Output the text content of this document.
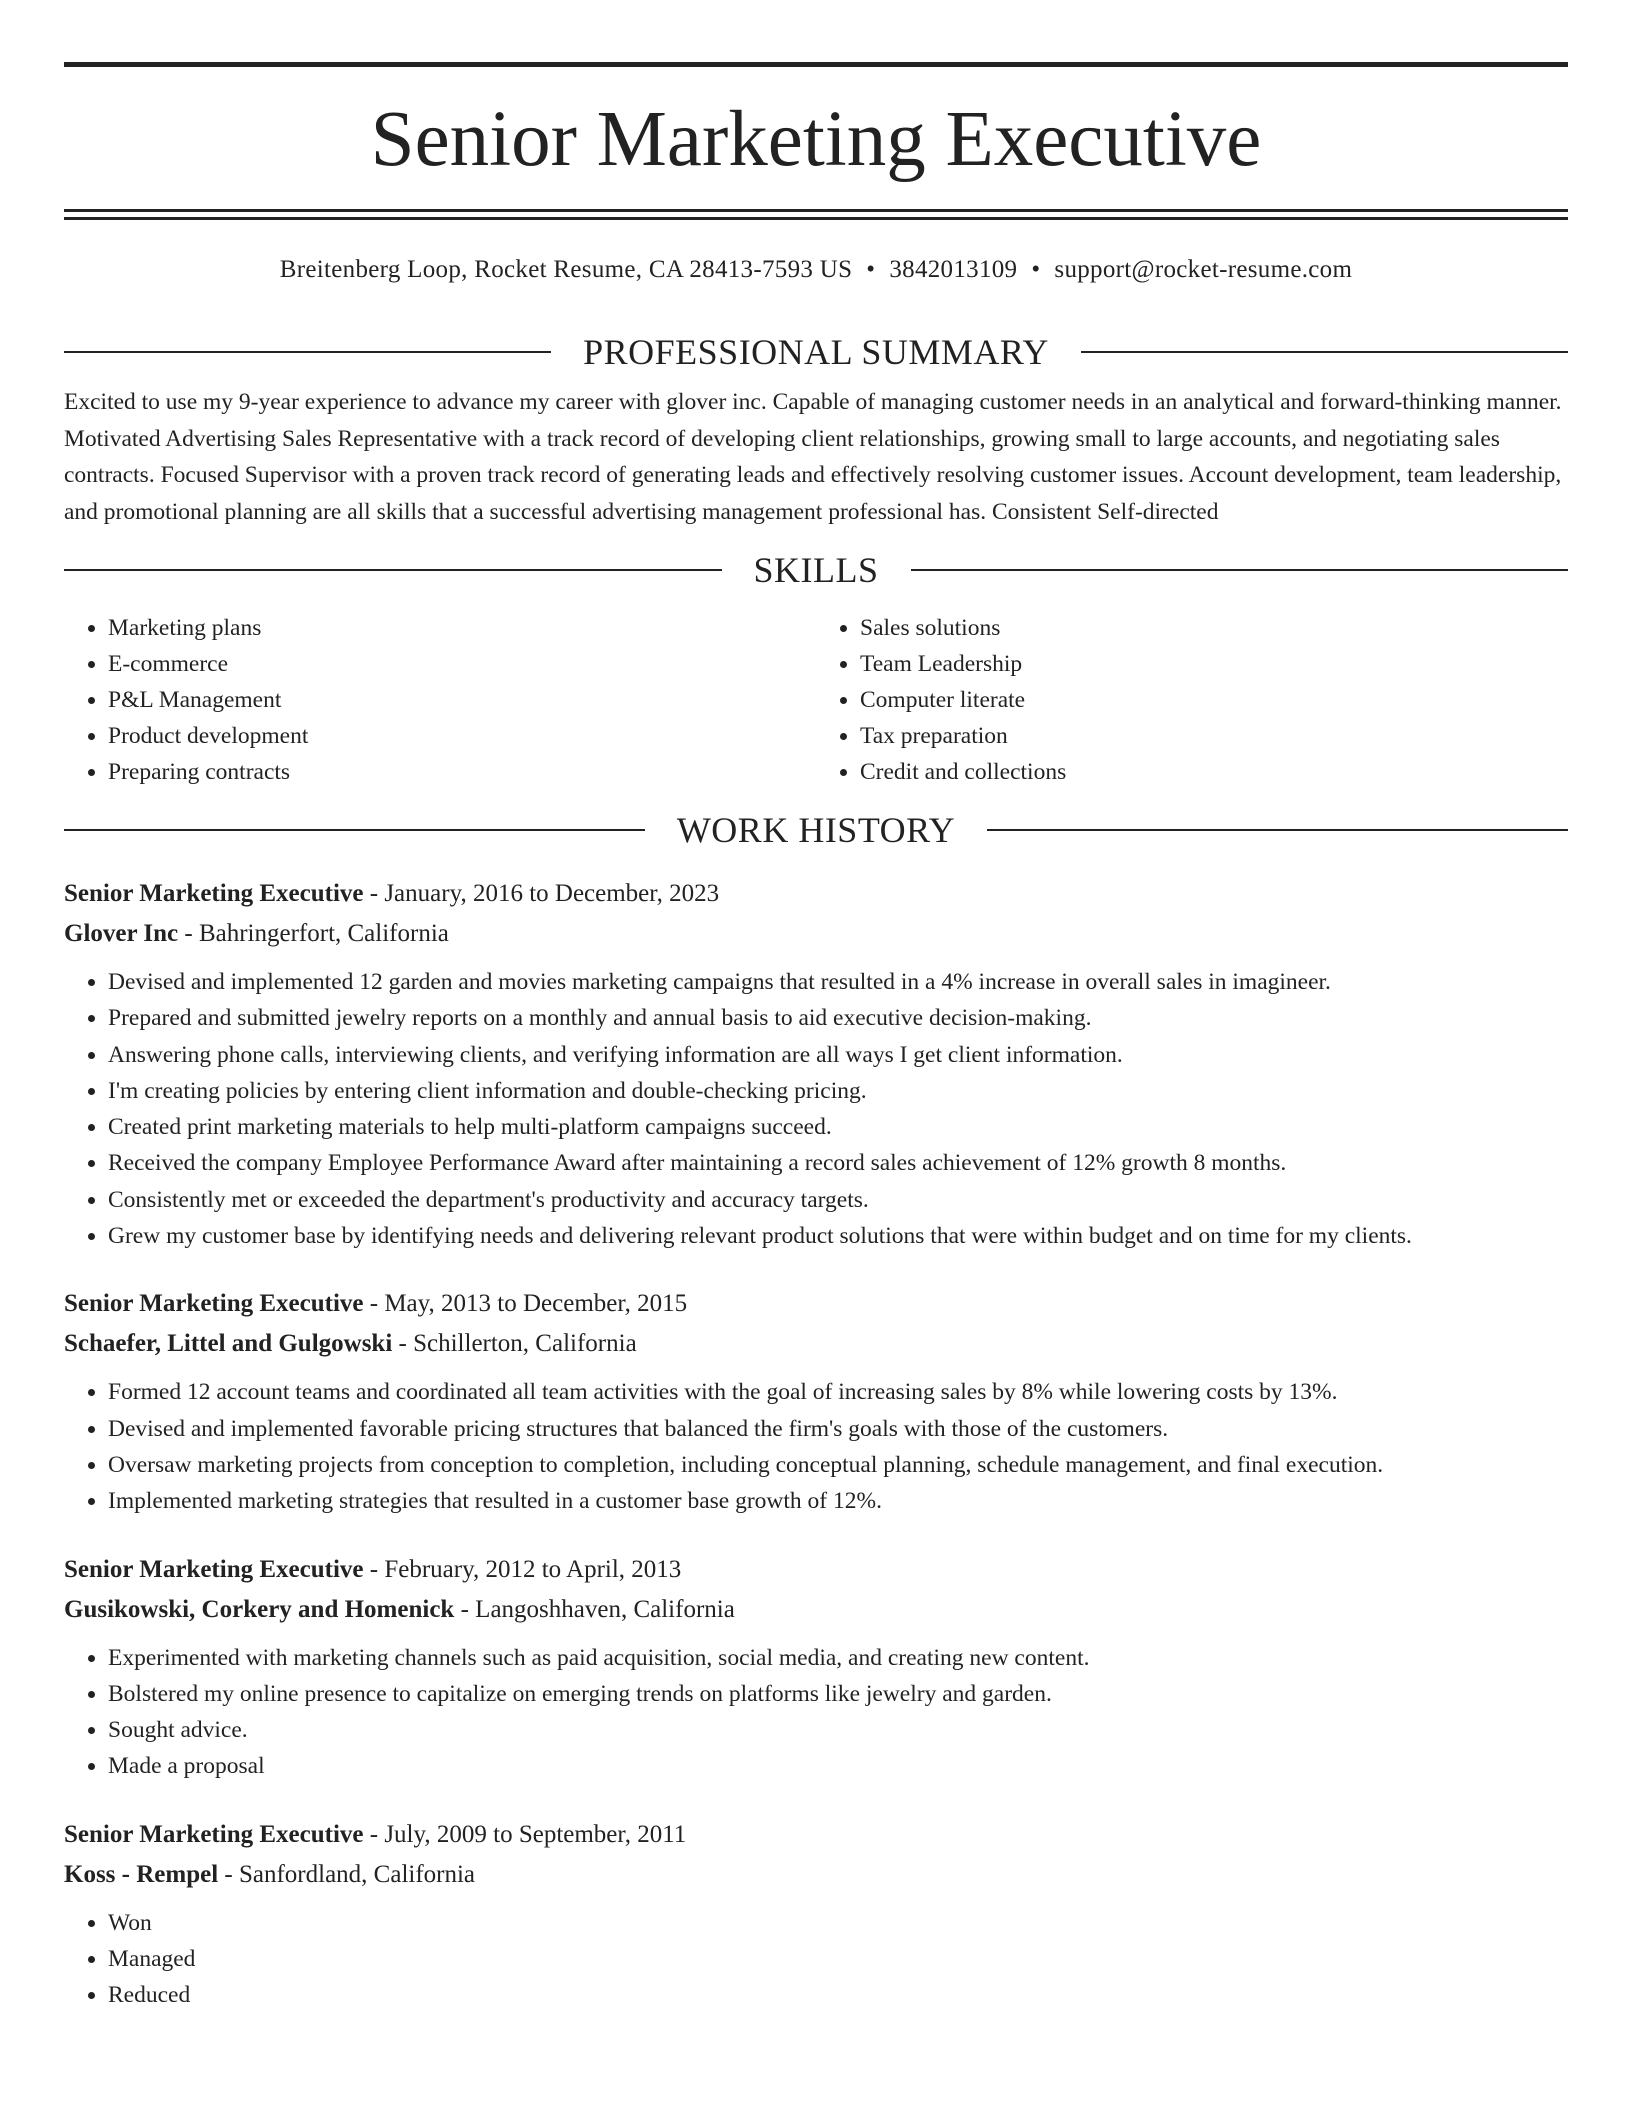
Senior Marketing Executive
Breitenberg Loop, Rocket Resume, CA 28413-7593 US • 3842013109 • support@rocket-resume.com
PROFESSIONAL SUMMARY

Excited to use my 9-year experience to advance my career with glover inc. Capable of managing customer needs in an analytical and forward-thinking manner. Motivated Advertising Sales Representative with a track record of developing client relationships, growing small to large accounts, and negotiating sales contracts. Focused Supervisor with a proven track record of generating leads and effectively resolving customer issues. Account development, team leadership, and promotional planning are all skills that a successful advertising management professional has. Consistent Self-directed

SKILLS
• Marketing plans
• E-commerce
• P&L Management
• Product development
• Preparing contracts
• Sales solutions
• Team Leadership
• Computer literate
• Tax preparation
• Credit and collections
WORK HISTORY
Senior Marketing Executive - January, 2016 to December, 2023
Glover Inc - Bahringerfort, California
• Devised and implemented 12 garden and movies marketing campaigns that resulted in a 4% increase in overall sales in imagineer.
• Prepared and submitted jewelry reports on a monthly and annual basis to aid executive decision-making.
• Answering phone calls, interviewing clients, and verifying information are all ways I get client information.
• I'm creating policies by entering client information and double-checking pricing.
• Created print marketing materials to help multi-platform campaigns succeed.
• Received the company Employee Performance Award after maintaining a record sales achievement of 12% growth 8 months.
• Consistently met or exceeded the department's productivity and accuracy targets.
• Grew my customer base by identifying needs and delivering relevant product solutions that were within budget and on time for my clients.
Senior Marketing Executive - May, 2013 to December, 2015
Schaefer, Littel and Gulgowski - Schillerton, California
• Formed 12 account teams and coordinated all team activities with the goal of increasing sales by 8% while lowering costs by 13%.
• Devised and implemented favorable pricing structures that balanced the firm's goals with those of the customers.
• Oversaw marketing projects from conception to completion, including conceptual planning, schedule management, and final execution.
• Implemented marketing strategies that resulted in a customer base growth of 12%.
Senior Marketing Executive - February, 2012 to April, 2013
Gusikowski, Corkery and Homenick - Langoshhaven, California
• Experimented with marketing channels such as paid acquisition, social media, and creating new content.
• Bolstered my online presence to capitalize on emerging trends on platforms like jewelry and garden.
• Sought advice.
• Made a proposal
Senior Marketing Executive - July, 2009 to September, 2011
Koss - Rempel - Sanfordland, California
• Won
• Managed
• Reduced
